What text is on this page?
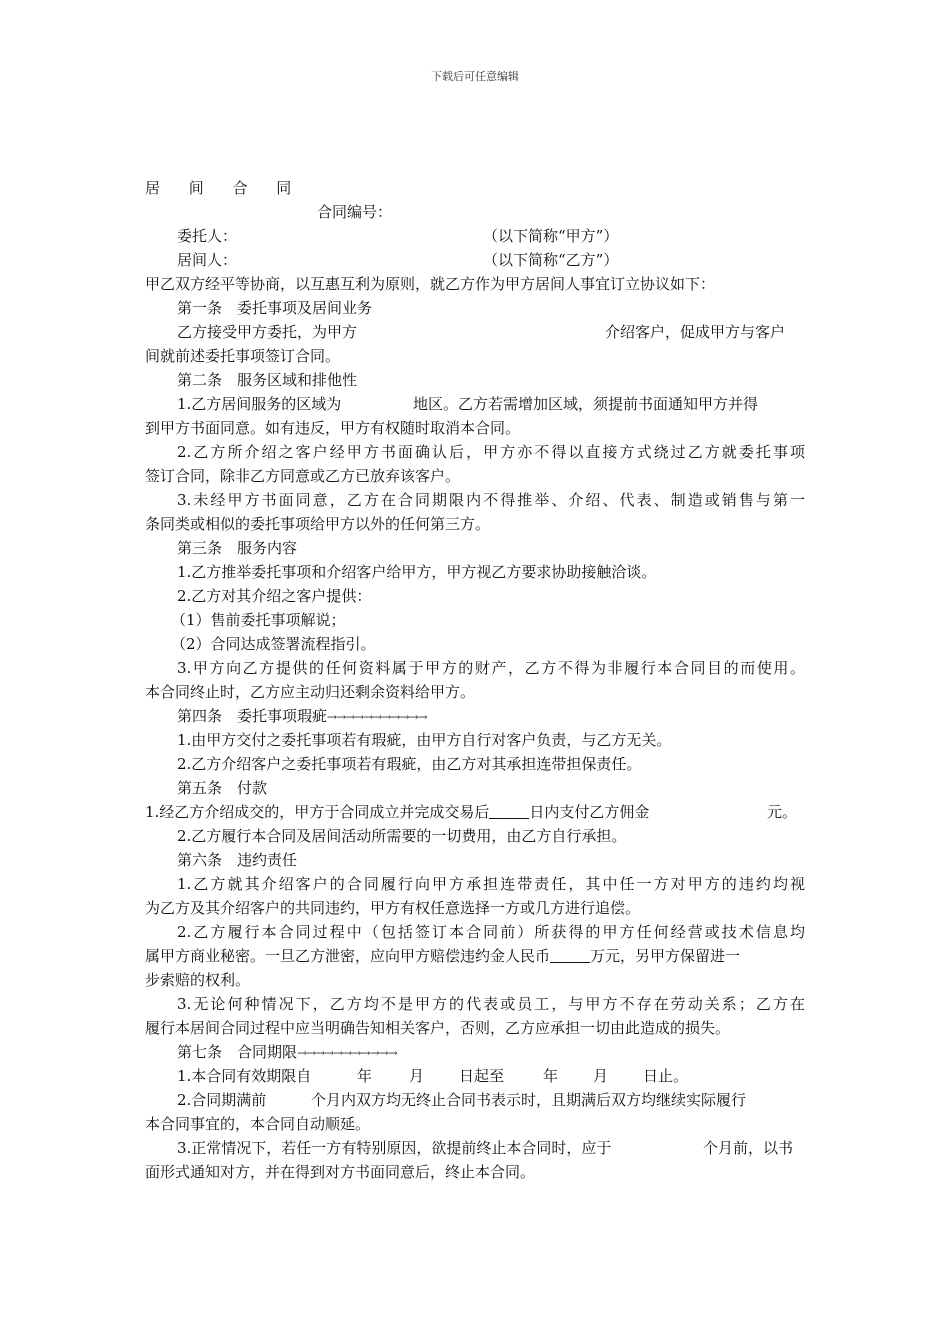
下载后可任意编辑
居 间 合 同
合同编号：
委托人：	（以下简称“甲方”）
居间人：	（以下简称“乙方”）
甲乙双方经平等协商，以互惠互利为原则，就乙方作为甲方居间人事宜订立协议如下：
第一条　委托事项及居间业务
乙方接受甲方委托，为甲方	介绍客户，促成甲方与客户
间就前述委托事项签订合同。
第二条　服务区域和排他性
1.乙方居间服务的区域为	地区。乙方若需增加区域，须提前书面通知甲方并得
到甲方书面同意。如有违反，甲方有权随时取消本合同。
2.乙方所介绍之客户经甲方书面确认后，甲方亦不得以直接方式绕过乙方就委托事项
签订合同，除非乙方同意或乙方已放弃该客户。
3.未经甲方书面同意，乙方在合同期限内不得推举、介绍、代表、制造或销售与第一
条同类或相似的委托事项给甲方以外的任何第三方。
第三条　服务内容
1.乙方推举委托事项和介绍客户给甲方，甲方视乙方要求协助接触洽谈。
2.乙方对其介绍之客户提供：
（1）售前委托事项解说；
（2）合同达成签署流程指引。
3.甲方向乙方提供的任何资料属于甲方的财产，乙方不得为非履行本合同目的而使用。
本合同终止时，乙方应主动归还剩余资料给甲方。
第四条　委托事项瑕疵→→→→→→→→→→→
1.由甲方交付之委托事项若有瑕疵，由甲方自行对客户负责，与乙方无关。
2.乙方介绍客户之委托事项若有瑕疵，由乙方对其承担连带担保责任。
第五条　付款
1.经乙方介绍成交的，甲方于合同成立并完成交易后	日内支付乙方佣金	元。
2.乙方履行本合同及居间活动所需要的一切费用，由乙方自行承担。
第六条　违约责任
1.乙方就其介绍客户的合同履行向甲方承担连带责任，其中任一方对甲方的违约均视
为乙方及其介绍客户的共同违约，甲方有权任意选择一方或几方进行追偿。
2.乙方履行本合同过程中（包括签订本合同前）所获得的甲方任何经营或技术信息均
属甲方商业秘密。一旦乙方泄密，应向甲方赔偿违约金人民币	万元，另甲方保留进一
步索赔的权利。
3.无论何种情况下，乙方均不是甲方的代表或员工，与甲方不存在劳动关系；乙方在
履行本居间合同过程中应当明确告知相关客户，否则，乙方应承担一切由此造成的损失。
第七条　合同期限→→→→→→→→→→→
1.本合同有效期限自	年 月 日起至	年 月 日止。
2.合同期满前	个月内双方均无终止合同书表示时，且期满后双方均继续实际履行
本合同事宜的，本合同自动顺延。
3.正常情况下，若任一方有特别原因，欲提前终止本合同时，应于	个月前，以书
面形式通知对方，并在得到对方书面同意后，终止本合同。
